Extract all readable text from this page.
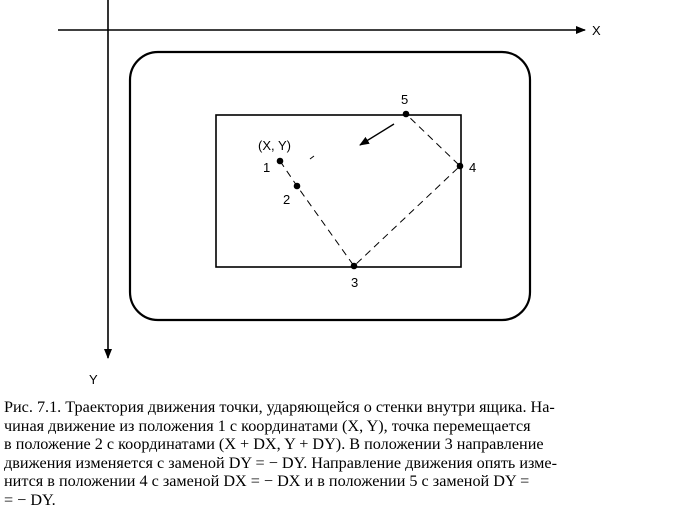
X
Y
(X, Y)
1
2
3
4
5

Рис. 7.1. Траектория движения точки, ударяющейся о стенки внутри ящика. На-
чиная движение из положения 1 с координатами (X, Y), точка перемещается
в положение 2 с координатами (X + DX, Y + DY). В положении 3 направление
движения изменяется с заменой DY = − DY. Направление движения опять изме-
нится в положении 4 с заменой DX = − DX и в положении 5 с заменой DY =
= − DY.
